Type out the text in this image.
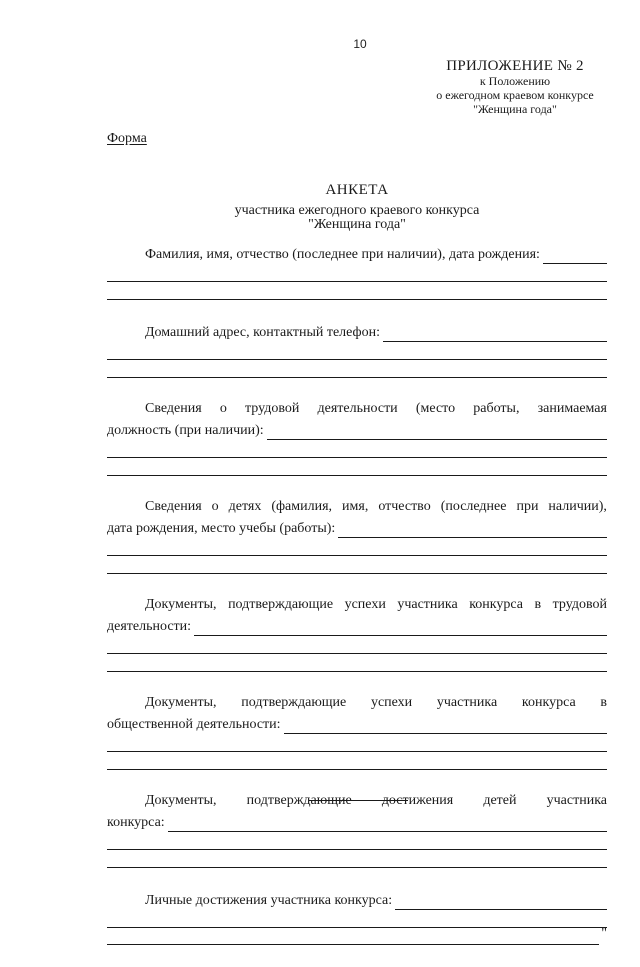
10
ПРИЛОЖЕНИЕ № 2
к Положению
о ежегодном краевом конкурсе
"Женщина года"
Форма
АНКЕТА
участника ежегодного краевого конкурса
"Женщина года"
Фамилия, имя, отчество (последнее при наличии), дата рождения:
Домашний адрес, контактный телефон:
Сведения о трудовой деятельности (место работы, занимаемая
должность (при наличии):
Сведения о детях (фамилия, имя, отчество (последнее при наличии),
дата рождения, место учебы (работы):
Документы, подтверждающие успехи участника конкурса в трудовой
деятельности:
Документы, подтверждающие успехи участника конкурса в
общественной деятельности:
Документы, подтверждающие достижения детей участника
конкурса:
Личные достижения участника конкурса:
"
